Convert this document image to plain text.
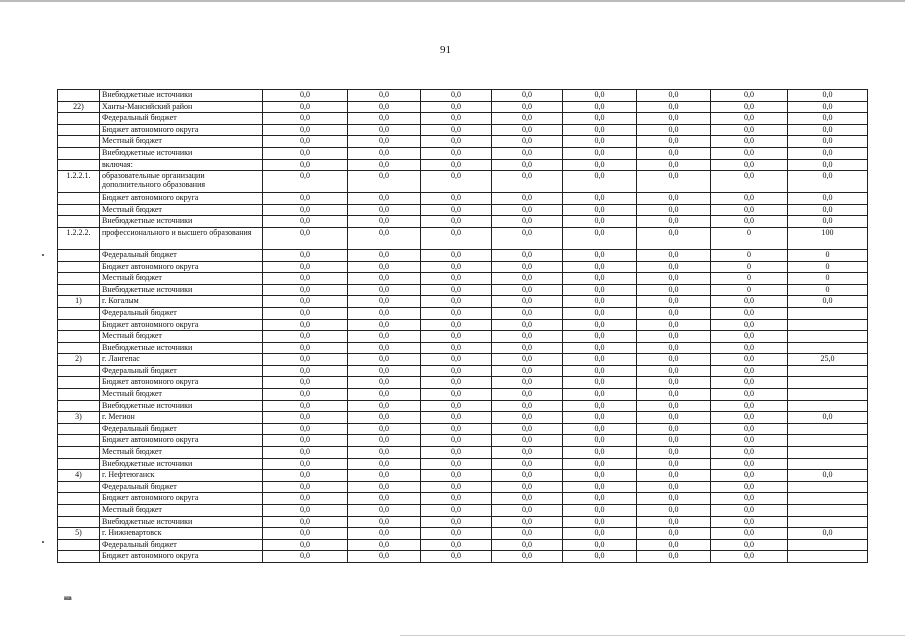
91
	Внебюджетные источники	0,0	0,0	0,0	0,0	0,0	0,0	0,0	0,0
22)	Ханты-Мансийский район	0,0	0,0	0,0	0,0	0,0	0,0	0,0	0,0
	Федеральный бюджет	0,0	0,0	0,0	0,0	0,0	0,0	0,0	0,0
	Бюджет автономного округа	0,0	0,0	0,0	0,0	0,0	0,0	0,0	0,0
	Местный бюджет	0,0	0,0	0,0	0,0	0,0	0,0	0,0	0,0
	Внебюджетные источники	0,0	0,0	0,0	0,0	0,0	0,0	0,0	0,0
	включая:	0,0	0,0	0,0	0,0	0,0	0,0	0,0	0,0
1.2.2.1.	образовательные организации дополнительного образования	0,0	0,0	0,0	0,0	0,0	0,0	0,0	0,0
	Бюджет автономного округа	0,0	0,0	0,0	0,0	0,0	0,0	0,0	0,0
	Местный бюджет	0,0	0,0	0,0	0,0	0,0	0,0	0,0	0,0
	Внебюджетные источники	0,0	0,0	0,0	0,0	0,0	0,0	0,0	0,0
1.2.2.2.	профессионального и высшего образования	0,0	0,0	0,0	0,0	0,0	0,0	0	100
	Федеральный бюджет	0,0	0,0	0,0	0,0	0,0	0,0	0	0
	Бюджет автономного округа	0,0	0,0	0,0	0,0	0,0	0,0	0	0
	Местный бюджет	0,0	0,0	0,0	0,0	0,0	0,0	0	0
	Внебюджетные источники	0,0	0,0	0,0	0,0	0,0	0,0	0	0
1)	г. Когалым	0,0	0,0	0,0	0,0	0,0	0,0	0,0	0,0
	Федеральный бюджет	0,0	0,0	0,0	0,0	0,0	0,0	0,0	
	Бюджет автономного округа	0,0	0,0	0,0	0,0	0,0	0,0	0,0	
	Местный бюджет	0,0	0,0	0,0	0,0	0,0	0,0	0,0	
	Внебюджетные источники	0,0	0,0	0,0	0,0	0,0	0,0	0,0	
2)	г. Лангепас	0,0	0,0	0,0	0,0	0,0	0,0	0,0	25,0
	Федеральный бюджет	0,0	0,0	0,0	0,0	0,0	0,0	0,0	
	Бюджет автономного округа	0,0	0,0	0,0	0,0	0,0	0,0	0,0	
	Местный бюджет	0,0	0,0	0,0	0,0	0,0	0,0	0,0	
	Внебюджетные источники	0,0	0,0	0,0	0,0	0,0	0,0	0,0	
3)	г. Мегион	0,0	0,0	0,0	0,0	0,0	0,0	0,0	0,0
	Федеральный бюджет	0,0	0,0	0,0	0,0	0,0	0,0	0,0	
	Бюджет автономного округа	0,0	0,0	0,0	0,0	0,0	0,0	0,0	
	Местный бюджет	0,0	0,0	0,0	0,0	0,0	0,0	0,0	
	Внебюджетные источники	0,0	0,0	0,0	0,0	0,0	0,0	0,0	
4)	г. Нефтеюганск	0,0	0,0	0,0	0,0	0,0	0,0	0,0	0,0
	Федеральный бюджет	0,0	0,0	0,0	0,0	0,0	0,0	0,0	
	Бюджет автономного округа	0,0	0,0	0,0	0,0	0,0	0,0	0,0	
	Местный бюджет	0,0	0,0	0,0	0,0	0,0	0,0	0,0	
	Внебюджетные источники	0,0	0,0	0,0	0,0	0,0	0,0	0,0	
5)	г. Нижневартовск	0,0	0,0	0,0	0,0	0,0	0,0	0,0	0,0
	Федеральный бюджет	0,0	0,0	0,0	0,0	0,0	0,0	0,0	
	Бюджет автономного округа	0,0	0,0	0,0	0,0	0,0	0,0	0,0	
нв
